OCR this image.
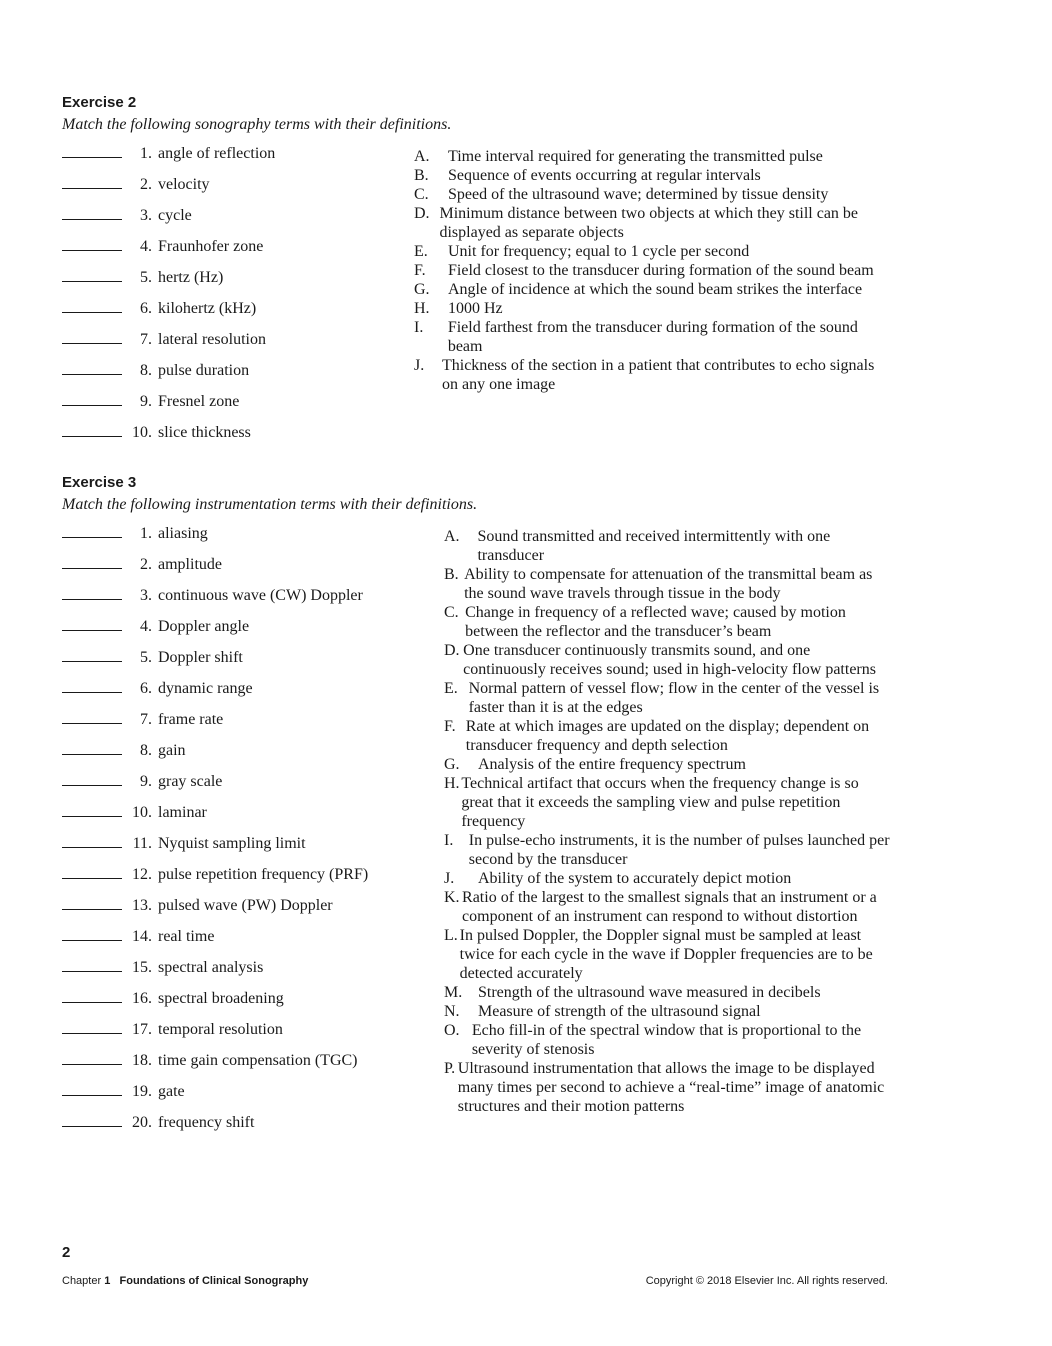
Exercise 2

Match the following sonography terms with their definitions.

1. angle of reflection
2. velocity
3. cycle
4. Fraunhofer zone
5. hertz (Hz)
6. kilohertz (kHz)
7. lateral resolution
8. pulse duration
9. Fresnel zone
10. slice thickness
A.	Time interval required for generating the transmitted pulse
B.	Sequence of events occurring at regular intervals
C.	Speed of the ultrasound wave; determined by tissue density
D. Minimum distance between two objects at which they still can be displayed as separate objects
E.	Unit for frequency; equal to 1 cycle per second
F.	Field closest to the transducer during formation of the sound beam
G.	Angle of incidence at which the sound beam strikes the interface
H.	1000 Hz
I.	Field farthest from the transducer during formation of the sound beam
J.	Thickness of the section in a patient that contributes to echo signals on any one image
Exercise 3

Match the following instrumentation terms with their definitions.

1. aliasing
2. amplitude
3. continuous wave (CW) Doppler
4. Doppler angle
5. Doppler shift
6. dynamic range
7. frame rate
8. gain
9. gray scale
10. laminar
11. Nyquist sampling limit
12. pulse repetition frequency (PRF)
13. pulsed wave (PW) Doppler
14. real time
15. spectral analysis
16. spectral broadening
17. temporal resolution
18. time gain compensation (TGC)
19. gate
20. frequency shift
A.	Sound transmitted and received intermittently with one transducer
B. Ability to compensate for attenuation of the transmittal beam as the sound wave travels through tissue in the body
C. Change in frequency of a reflected wave; caused by motion between the reflector and the transducer’s beam
D. One transducer continuously transmits sound, and one continuously receives sound; used in high-velocity flow patterns
E. Normal pattern of vessel flow; flow in the center of the vessel is faster than it is at the edges
F. Rate at which images are updated on the display; dependent on transducer frequency and depth selection
G.	Analysis of the entire frequency spectrum
H. Technical artifact that occurs when the frequency change is so great that it exceeds the sampling view and pulse repetition frequency
I. In pulse-echo instruments, it is the number of pulses launched per second by the transducer
J.	Ability of the system to accurately depict motion
K. Ratio of the largest to the smallest signals that an instrument or a component of an instrument can respond to without distortion
L. In pulsed Doppler, the Doppler signal must be sampled at least twice for each cycle in the wave if Doppler frequencies are to be detected accurately
M. Strength of the ultrasound wave measured in decibels
N.	Measure of strength of the ultrasound signal
O. Echo fill-in of the spectral window that is proportional to the severity of stenosis
P. Ultrasound instrumentation that allows the image to be displayed many times per second to achieve a “real-time” image of anatomic structures and their motion patterns
2
Chapter 1 Foundations of Clinical Sonography	Copyright © 2018 Elsevier Inc. All rights reserved.
